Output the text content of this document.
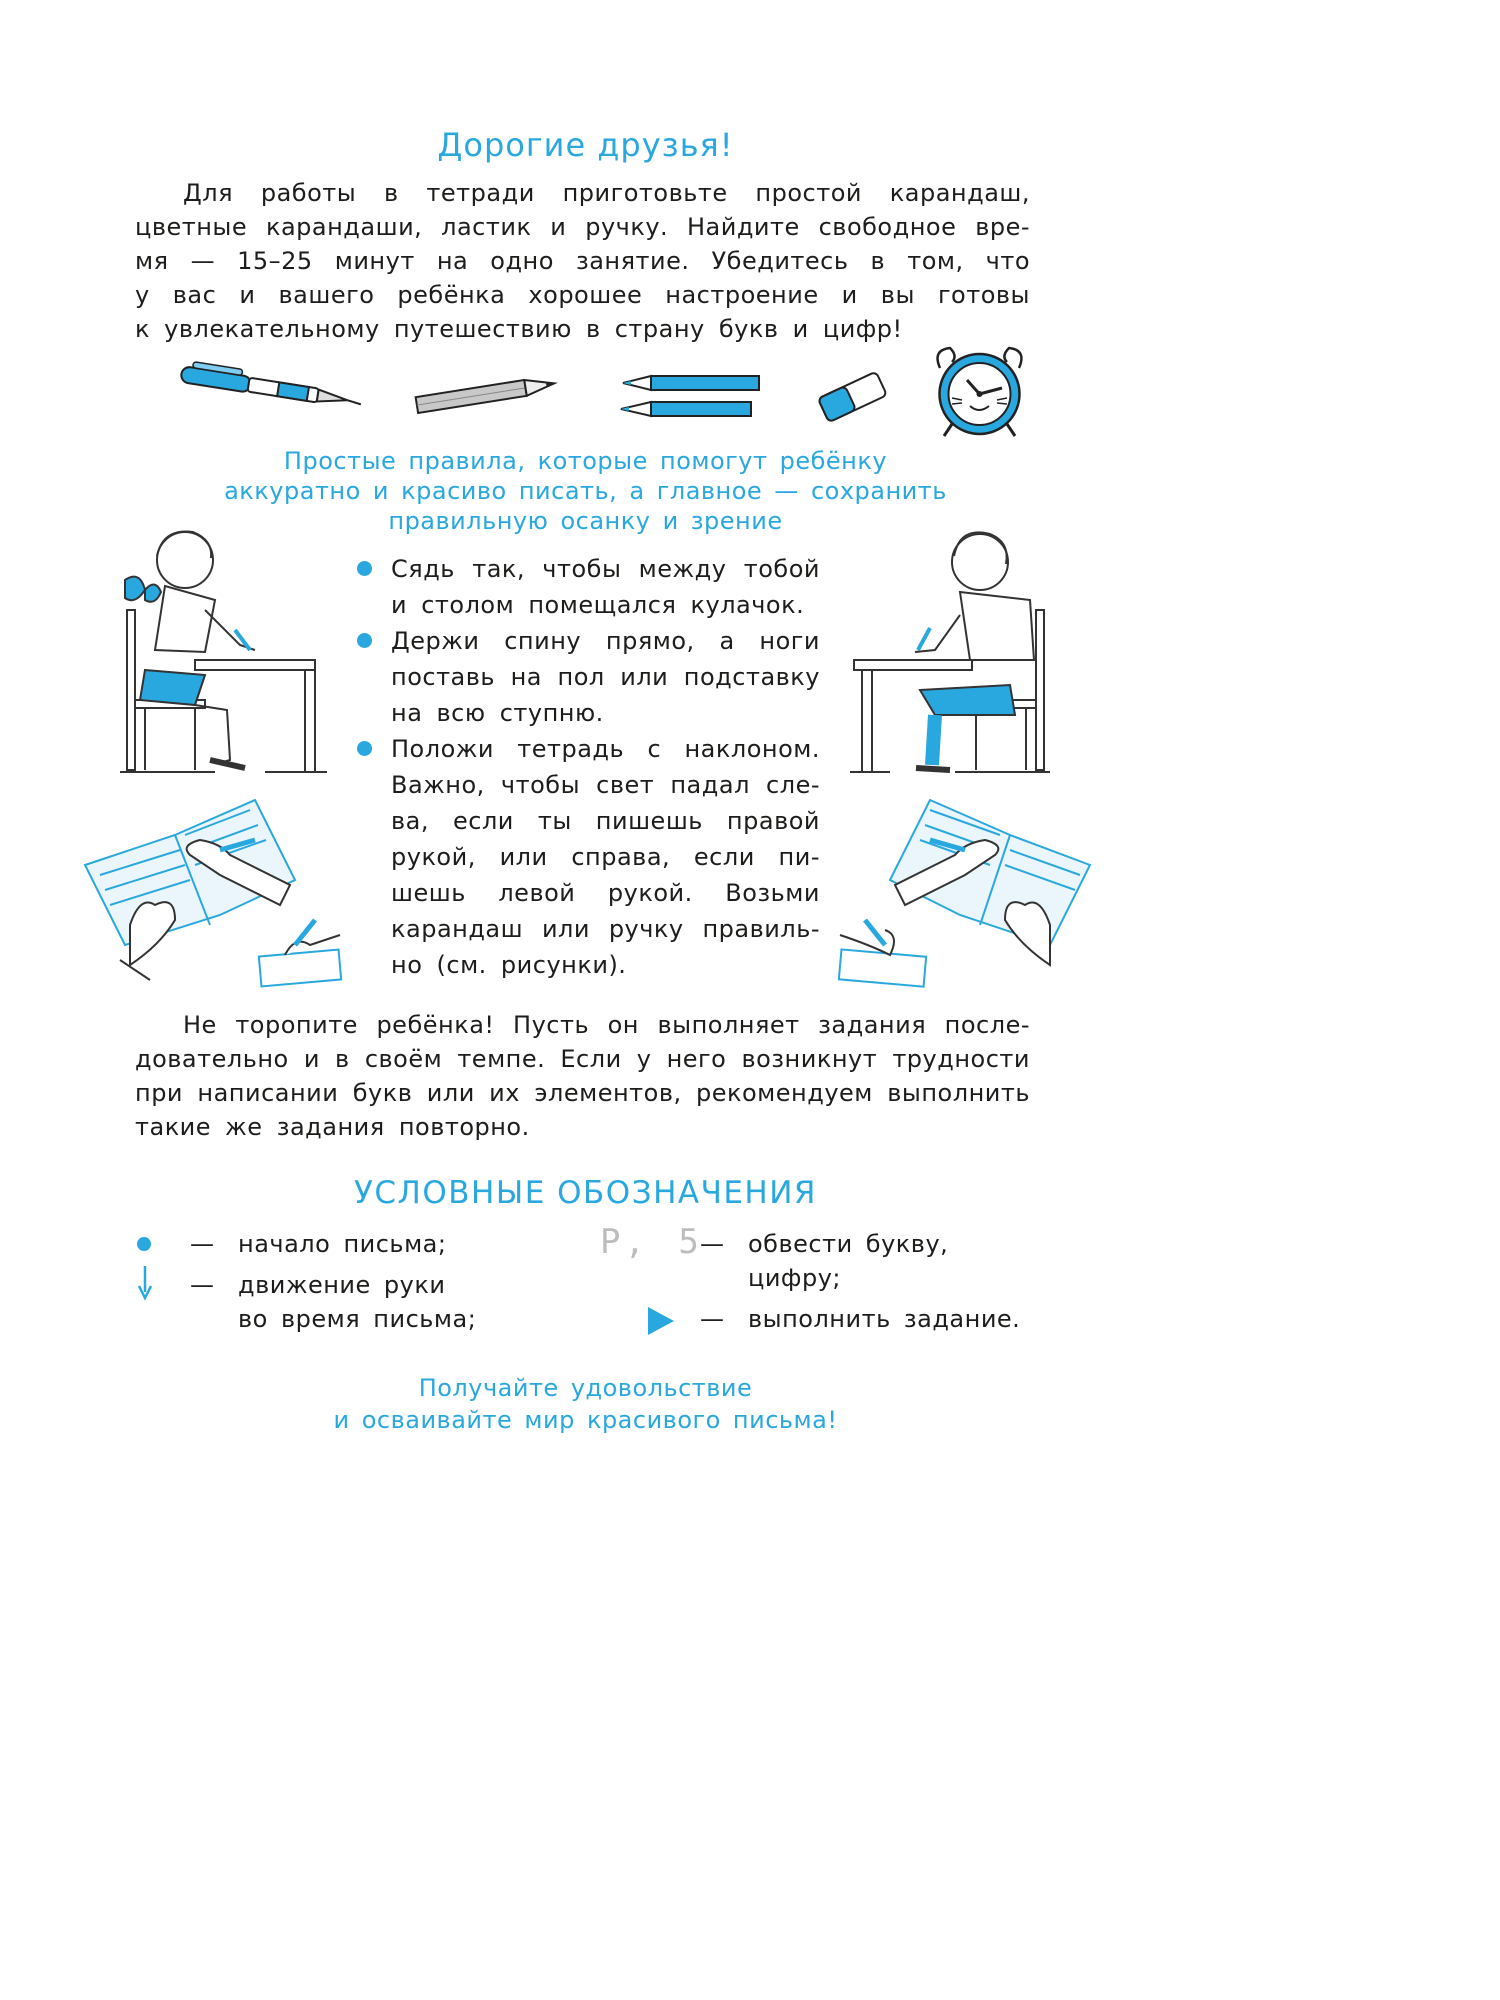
Дорогие друзья!
Для работы в тетради приготовьте простой карандаш,
цветные карандаши, ластик и ручку. Найдите свободное вре-
мя — 15–25 минут на одно занятие. Убедитесь в том, что
у вас и вашего ребёнка хорошее настроение и вы готовы
к увлекательному путешествию в страну букв и цифр!
Простые правила, которые помогут ребёнку
аккуратно и красиво писать, а главное — сохранить
правильную осанку и зрение
Сядь так, чтобы между тобой
и столом помещался кулачок.
Держи спину прямо, а ноги
поставь на пол или подставку
на всю ступню.
Положи тетрадь с наклоном.
Важно, чтобы свет падал сле-
ва, если ты пишешь правой
рукой, или справа, если пи-
шешь левой рукой. Возьми
карандаш или ручку правиль-
но (см. рисунки).
Не торопите ребёнка! Пусть он выполняет задания после-
довательно и в своём темпе. Если у него возникнут трудности
при написании букв или их элементов, рекомендуем выполнить
такие же задания повторно.
УСЛОВНЫЕ ОБОЗНАЧЕНИЯ
— начало письма;
— движение руки
во время письма;
Р, 5
— обвести букву,
цифру;
— выполнить задание.
Получайте удовольствие
и осваивайте мир красивого письма!
